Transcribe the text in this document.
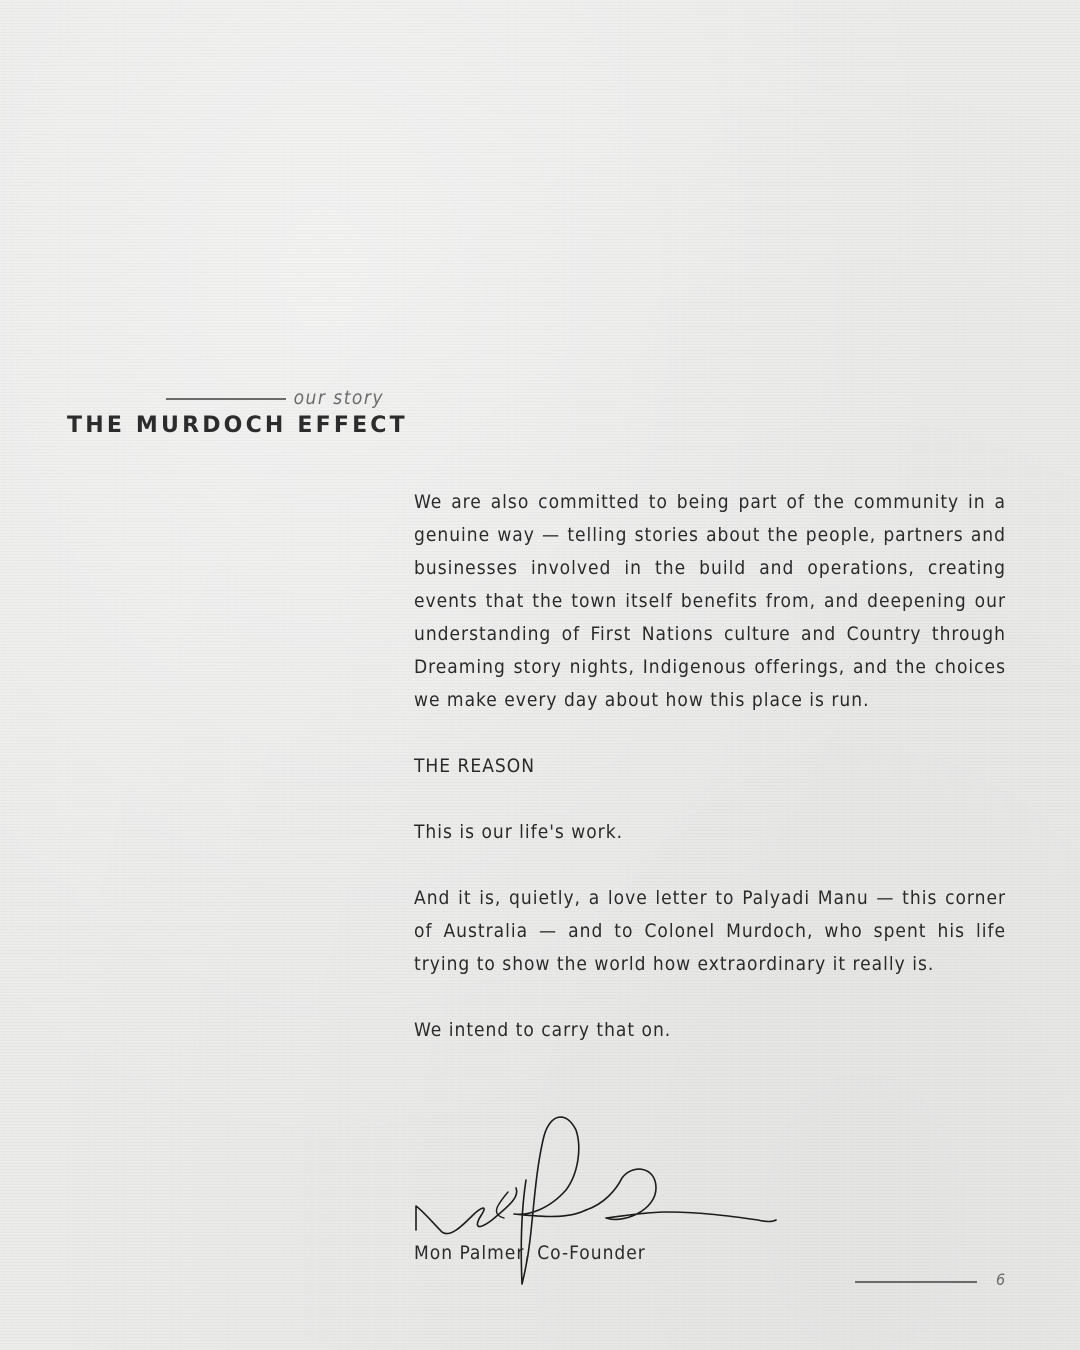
our story
THE MURDOCH EFFECT

We are also committed to being part of the community in a genuine way — telling stories about the people, partners and businesses involved in the build and operations, creating events that the town itself benefits from, and deepening our understanding of First Nations culture and Country through Dreaming story nights, Indigenous offerings, and the choices we make every day about how this place is run.

THE REASON

This is our life's work.

And it is, quietly, a love letter to Palyadi Manu — this corner of Australia — and to Colonel Murdoch, who spent his life trying to show the world how extraordinary it really is.

We intend to carry that on.

Mon Palmer, Co-Founder
6
